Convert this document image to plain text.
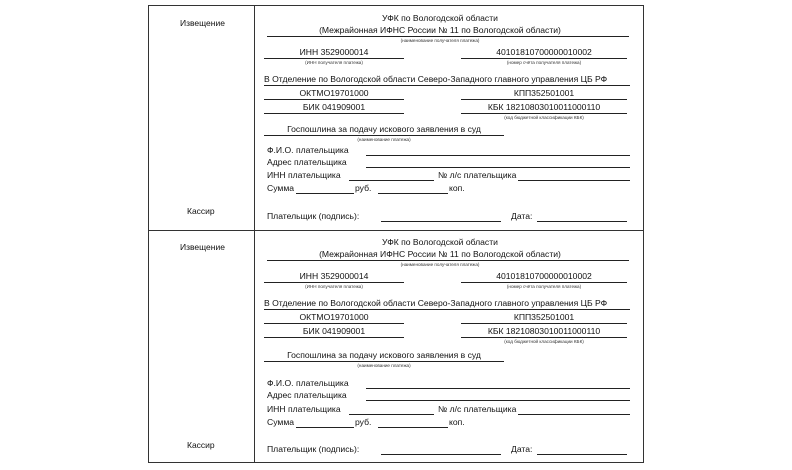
Извещение
Кассир
УФК по Вологодской области
(Межрайонная ИФНС России № 11 по Вологодской области)
(наименование получателя платежа)
ИНН 3529000014
(ИНН получателя платежа)
40101810700000010002
(номер счёта получателя платежа)
В Отделение по Вологодской области Северо-Западного главного управления ЦБ РФ
ОКТМО19701000	КПП352501001
БИК 041909001	КБК 18210803010011000110
(код бюджетной классификации КБК)
Госпошлина за подачу искового заявления в суд
(наименование платежа)
Ф.И.О. плательщика
Адрес плательщика
ИНН плательщика	№ л/с плательщика
Сумма	руб.	коп.
Плательщик (подпись):	Дата:
Извещение
Кассир
УФК по Вологодской области
(Межрайонная ИФНС России № 11 по Вологодской области)
(наименование получателя платежа)
ИНН 3529000014
(ИНН получателя платежа)
40101810700000010002
(номер счёта получателя платежа)
В Отделение по Вологодской области Северо-Западного главного управления ЦБ РФ
ОКТМО19701000	КПП352501001
БИК 041909001	КБК 18210803010011000110
(код бюджетной классификации КБК)
Госпошлина за подачу искового заявления в суд
(наименование платежа)
Ф.И.О. плательщика
Адрес плательщика
ИНН плательщика	№ л/с плательщика
Сумма	руб.	коп.
Плательщик (подпись):	Дата:
